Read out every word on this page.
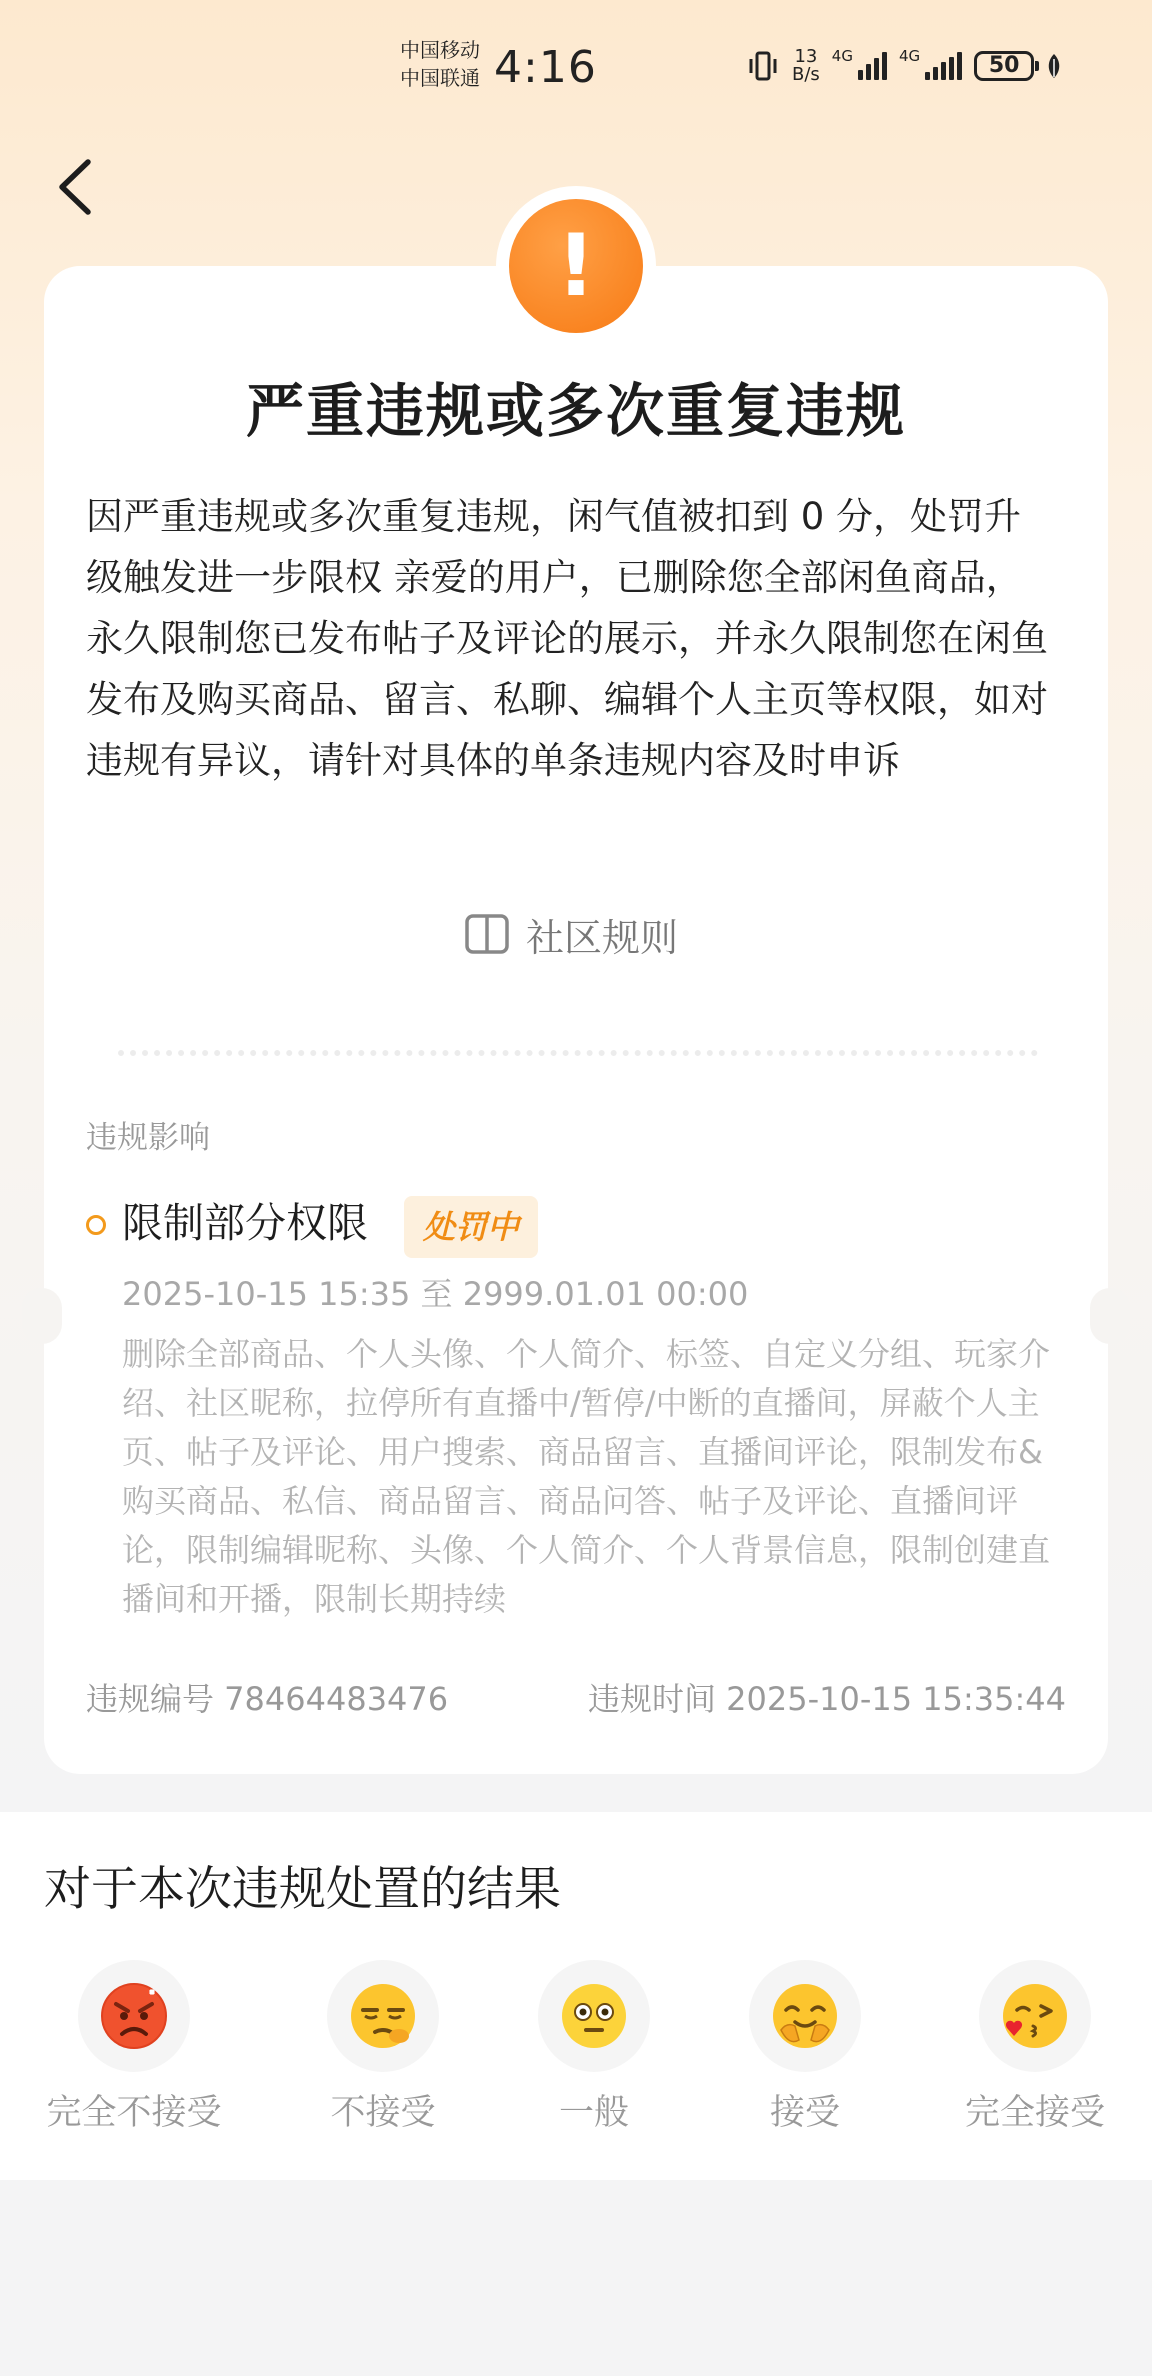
中国移动
中国联通 4:16	13
B/s
4G	4G	50
!
严重违规或多次重复违规
因严重违规或多次重复违规，闲气值被扣到 0 分，处罚升级触发进一步限权 亲爱的用户，已删除您全部闲鱼商品，永久限制您已发布帖子及评论的展示，并永久限制您在闲鱼发布及购买商品、留言、私聊、编辑个人主页等权限，如对违规有异议，请针对具体的单条违规内容及时申诉
社区规则
违规影响
限制部分权限	处罚中
2025-10-15 15:35 至 2999.01.01 00:00
删除全部商品、个人头像、个人简介、标签、自定义分组、玩家介绍、社区昵称，拉停所有直播中/暂停/中断的直播间，屏蔽个人主页、帖子及评论、用户搜索、商品留言、直播间评论，限制发布&购买商品、私信、商品留言、商品问答、帖子及评论、直播间评论，限制编辑昵称、头像、个人简介、个人背景信息，限制创建直播间和开播，限制长期持续
违规编号 78464483476	违规时间 2025-10-15 15:35:44
对于本次违规处置的结果
完全不接受	不接受	一般	接受	完全接受
